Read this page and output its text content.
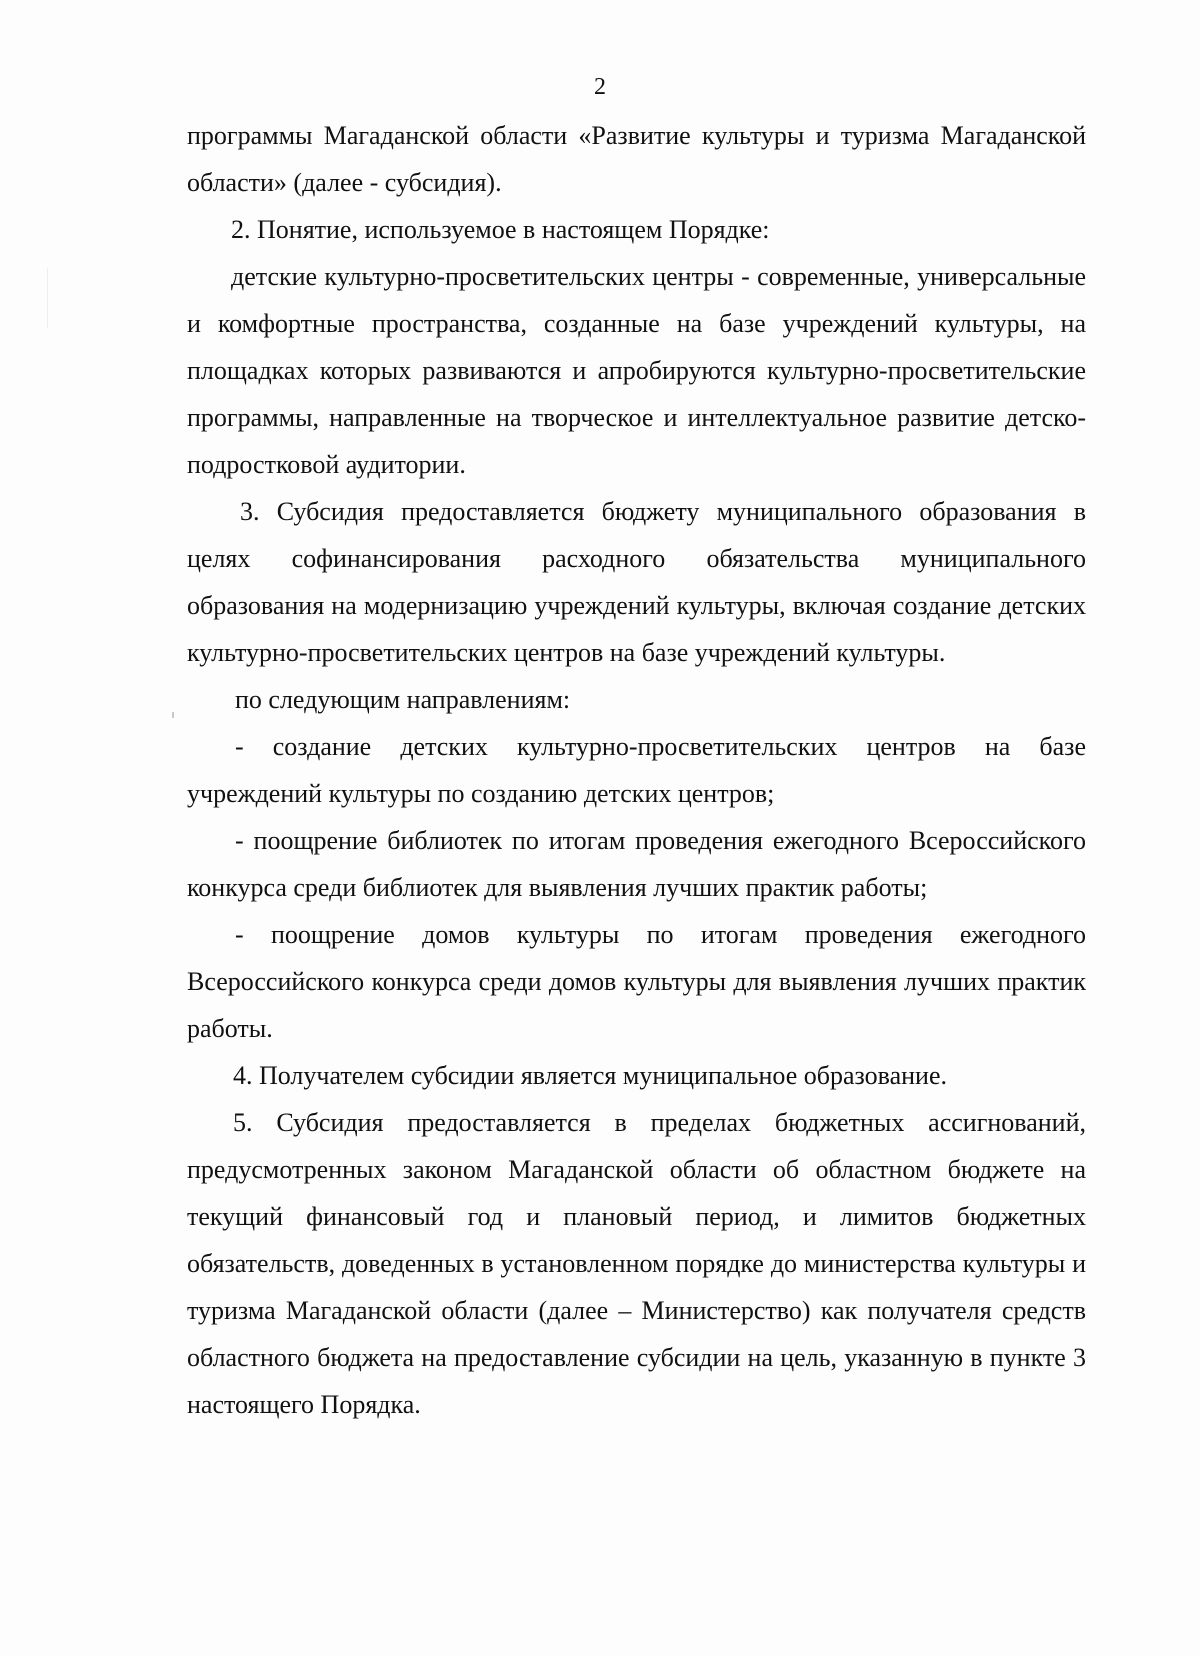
2

программы Магаданской области «Развитие культуры и туризма Магаданской области» (далее - субсидия).

2. Понятие, используемое в настоящем Порядке:

детские культурно-просветительских центры - современные, универсальные и комфортные пространства, созданные на базе учреждений культуры, на площадках которых развиваются и апробируются культурно-просветительские программы, направленные на творческое и интеллектуальное развитие детско-подростковой аудитории.

3. Субсидия предоставляется бюджету муниципального образования в целях софинансирования расходного обязательства муниципального образования на модернизацию учреждений культуры, включая создание детских культурно-просветительских центров на базе учреждений культуры.

по следующим направлениям:

- создание детских культурно-просветительских центров на базе учреждений культуры по созданию детских центров;

- поощрение библиотек по итогам проведения ежегодного Всероссийского конкурса среди библиотек для выявления лучших практик работы;

- поощрение домов культуры по итогам проведения ежегодного Всероссийского конкурса среди домов культуры для выявления лучших практик работы.

4. Получателем субсидии является муниципальное образование.

5. Субсидия предоставляется в пределах бюджетных ассигнований, предусмотренных законом Магаданской области об областном бюджете на текущий финансовый год и плановый период, и лимитов бюджетных обязательств, доведенных в установленном порядке до министерства культуры и туризма Магаданской области (далее – Министерство) как получателя средств областного бюджета на предоставление субсидии на цель, указанную в пункте 3 настоящего Порядка.
